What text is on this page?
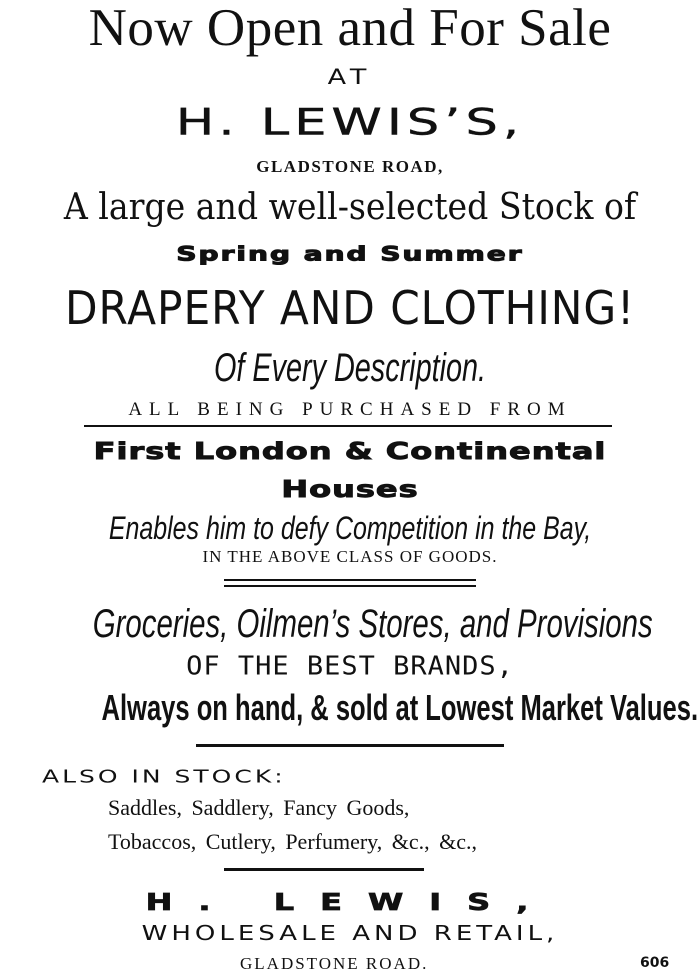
Now Open and For Sale
AT
H. LEWIS’S,
GLADSTONE ROAD,
A large and well-selected Stock of
Spring and Summer
DRAPERY AND CLOTHING!
Of Every Description.
ALL BEING PURCHASED FROM
First London & Continental
Houses
Enables him to defy Competition in the Bay,
IN THE ABOVE CLASS OF GOODS.
Groceries, Oilmen’s Stores, and Provisions
OF THE BEST BRANDS,
Always on hand, & sold at Lowest Market Values.
ALSO IN STOCK:
Saddles, Saddlery, Fancy Goods,
Tobaccos, Cutlery, Perfumery, &c., &c.,
H. LEWIS,
WHOLESALE AND RETAIL,
GLADSTONE ROAD.	606
